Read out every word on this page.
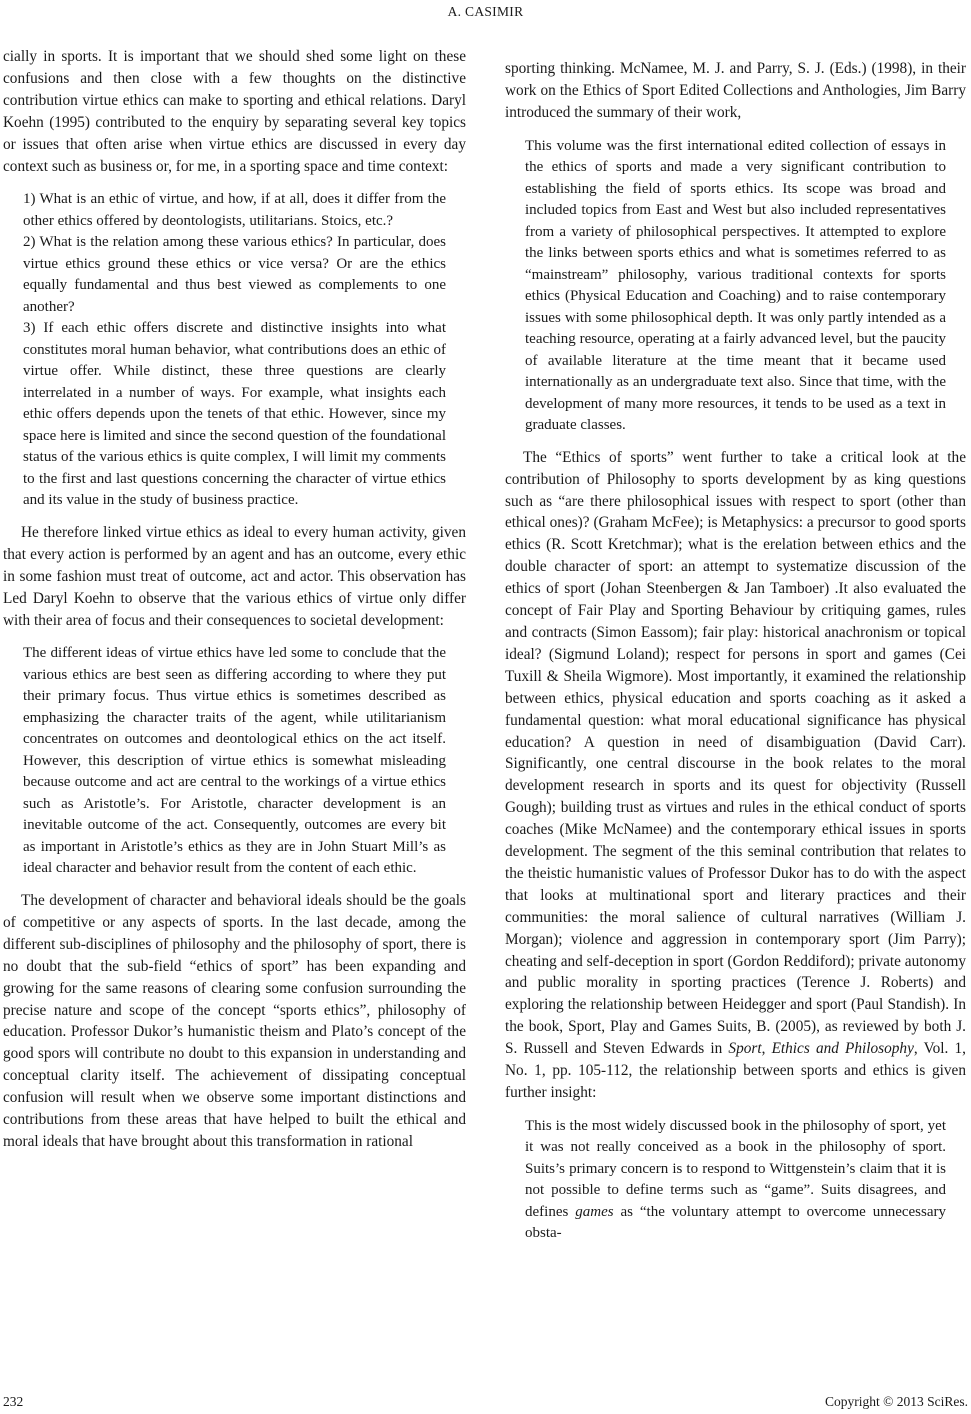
A. CASIMIR

cially in sports. It is important that we should shed some light on these confusions and then close with a few thoughts on the distinctive contribution virtue ethics can make to sporting and ethical relations. Daryl Koehn (1995) contributed to the enquiry by separating several key topics or issues that often arise when virtue ethics are discussed in every day context such as business or, for me, in a sporting space and time context:

1) What is an ethic of virtue, and how, if at all, does it differ from the other ethics offered by deontologists, utilitarians. Stoics, etc.?

2) What is the relation among these various ethics? In particular, does virtue ethics ground these ethics or vice versa? Or are the ethics equally fundamental and thus best viewed as complements to one another?

3) If each ethic offers discrete and distinctive insights into what constitutes moral human behavior, what contributions does an ethic of virtue offer. While distinct, these three questions are clearly interrelated in a number of ways. For example, what insights each ethic offers depends upon the tenets of that ethic. However, since my space here is limited and since the second question of the foundational status of the various ethics is quite complex, I will limit my comments to the first and last questions concerning the character of virtue ethics and its value in the study of business practice.

He therefore linked virtue ethics as ideal to every human activity, given that every action is performed by an agent and has an outcome, every ethic in some fashion must treat of outcome, act and actor. This observation has Led Daryl Koehn to observe that the various ethics of virtue only differ with their area of focus and their consequences to societal development:

The different ideas of virtue ethics have led some to conclude that the various ethics are best seen as differing according to where they put their primary focus. Thus virtue ethics is sometimes described as emphasizing the character traits of the agent, while utilitarianism concentrates on outcomes and deontological ethics on the act itself. However, this description of virtue ethics is somewhat misleading because outcome and act are central to the workings of a virtue ethics such as Aristotle’s. For Aristotle, character development is an inevitable outcome of the act. Consequently, outcomes are every bit as important in Aristotle’s ethics as they are in John Stuart Mill’s as ideal character and behavior result from the content of each ethic.

The development of character and behavioral ideals should be the goals of competitive or any aspects of sports. In the last decade, among the different sub-disciplines of philosophy and the philosophy of sport, there is no doubt that the sub-field “ethics of sport” has been expanding and growing for the same reasons of clearing some confusion surrounding the precise nature and scope of the concept “sports ethics”, philosophy of education. Professor Dukor’s humanistic theism and Plato’s concept of the good spors will contribute no doubt to this expansion in understanding and conceptual clarity itself. The achievement of dissipating conceptual confusion will result when we observe some important distinctions and contributions from these areas that have helped to built the ethical and moral ideals that have brought about this transformation in rational

sporting thinking. McNamee, M. J. and Parry, S. J. (Eds.) (1998), in their work on the Ethics of Sport Edited Collections and Anthologies, Jim Barry introduced the summary of their work,

This volume was the first international edited collection of essays in the ethics of sports and made a very significant contribution to establishing the field of sports ethics. Its scope was broad and included topics from East and West but also included representatives from a variety of philosophical perspectives. It attempted to explore the links between sports ethics and what is sometimes referred to as “mainstream” philosophy, various traditional contexts for sports ethics (Physical Education and Coaching) and to raise contemporary issues with some philosophical depth. It was only partly intended as a teaching resource, operating at a fairly advanced level, but the paucity of available literature at the time meant that it became used internationally as an undergraduate text also. Since that time, with the development of many more resources, it tends to be used as a text in graduate classes.

The “Ethics of sports” went further to take a critical look at the contribution of Philosophy to sports development by as king questions such as “are there philosophical issues with respect to sport (other than ethical ones)? (Graham McFee); is Metaphysics: a precursor to good sports ethics (R. Scott Kretchmar); what is the erelation between ethics and the double character of sport: an attempt to systematize discussion of the ethics of sport (Johan Steenbergen & Jan Tamboer) .It also evaluated the concept of Fair Play and Sporting Behaviour by critiquing games, rules and contracts (Simon Eassom); fair play: historical anachronism or topical ideal? (Sigmund Loland); respect for persons in sport and games (Cei Tuxill & Sheila Wigmore). Most importantly, it examined the relationship between ethics, physical education and sports coaching as it asked a fundamental question: what moral educational significance has physical education? A question in need of disambiguation (David Carr). Significantly, one central discourse in the book relates to the moral development research in sports and its quest for objectivity (Russell Gough); building trust as virtues and rules in the ethical conduct of sports coaches (Mike McNamee) and the contemporary ethical issues in sports development. The segment of the this seminal contribution that relates to the theistic humanistic values of Professor Dukor has to do with the aspect that looks at multinational sport and literary practices and their communities: the moral salience of cultural narratives (William J. Morgan); violence and aggression in contemporary sport (Jim Parry); cheating and self-deception in sport (Gordon Reddiford); private autonomy and public morality in sporting practices (Terence J. Roberts) and exploring the relationship between Heidegger and sport (Paul Standish). In the book, Sport, Play and Games Suits, B. (2005), as reviewed by both J. S. Russell and Steven Edwards in Sport, Ethics and Philosophy, Vol. 1, No. 1, pp. 105-112, the relationship between sports and ethics is given further insight:

This is the most widely discussed book in the philosophy of sport, yet it was not really conceived as a book in the philosophy of sport. Suits’s primary concern is to respond to Wittgenstein’s claim that it is not possible to define terms such as “game”. Suits disagrees, and defines games as “the voluntary attempt to overcome unnecessary obsta-

232	Copyright © 2013 SciRes.
